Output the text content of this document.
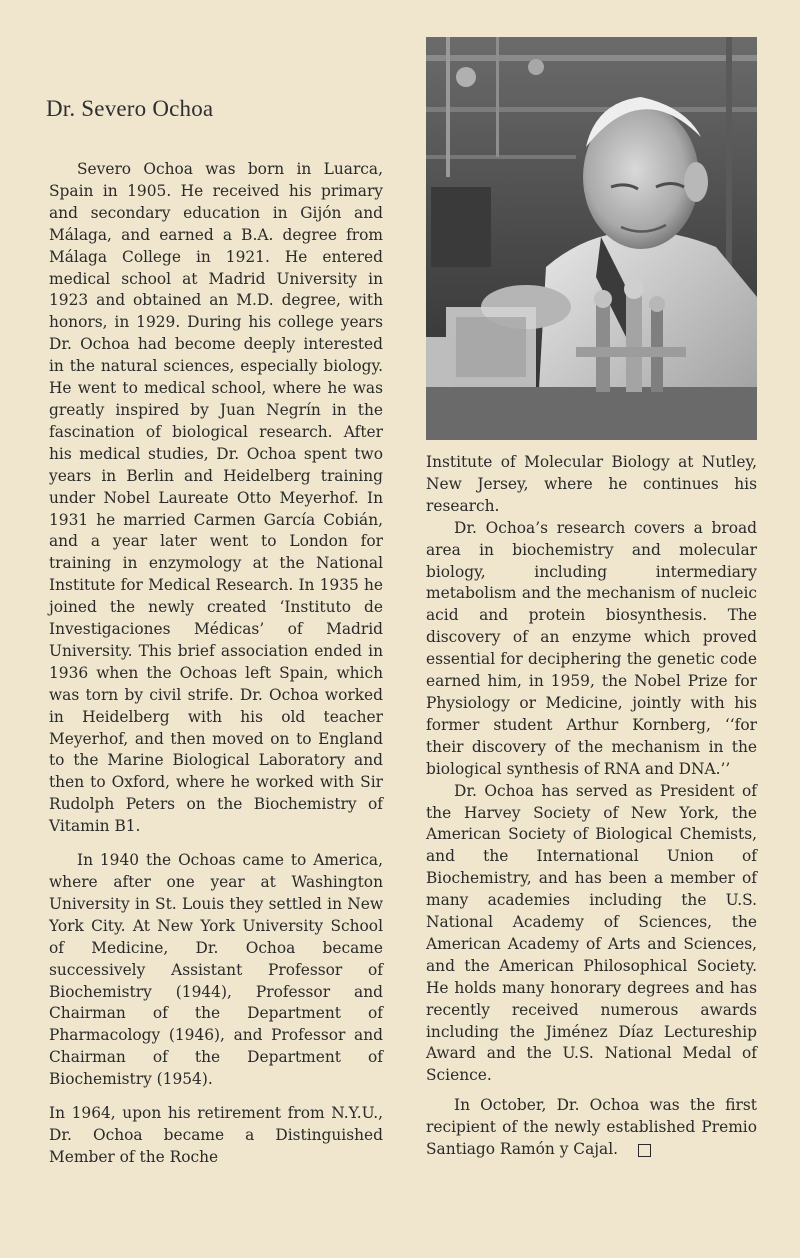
Dr. Severo Ochoa

Severo Ochoa was born in Luarca, Spain in 1905. He received his primary and secondary education in Gijón and Málaga, and earned a B.A. degree from Málaga College in 1921. He entered medical school at Madrid University in 1923 and obtained an M.D. degree, with honors, in 1929. During his college years Dr. Ochoa had become deeply interested in the natural sciences, especially biology. He went to medical school, where he was greatly inspired by Juan Negrín in the fascination of biological research. After his medical studies, Dr. Ochoa spent two years in Berlin and Heidelberg training under Nobel Laureate Otto Meyerhof. In 1931 he married Carmen García Cobián, and a year later went to London for training in enzymology at the National Institute for Medical Research. In 1935 he joined the newly created ‘Instituto de Investigaciones Médicas’ of Madrid University. This brief association ended in 1936 when the Ochoas left Spain, which was torn by civil strife. Dr. Ochoa worked in Heidelberg with his old teacher Meyerhof, and then moved on to England to the Marine Biological Laboratory and then to Oxford, where he worked with Sir Rudolph Peters on the Biochemistry of Vitamin B1.

In 1940 the Ochoas came to America, where after one year at Washington University in St. Louis they settled in New York City. At New York University School of Medicine, Dr. Ochoa became successively Assistant Professor of Biochemistry (1944), Professor and Chairman of the Department of Pharmacology (1946), and Professor and Chairman of the Department of Biochemistry (1954).

In 1964, upon his retirement from N.Y.U., Dr. Ochoa became a Distinguished Member of the Roche

Institute of Molecular Biology at Nutley, New Jersey, where he continues his research.

Dr. Ochoa’s research covers a broad area in biochemistry and molecular biology, including intermediary metabolism and the mechanism of nucleic acid and protein biosynthesis. The discovery of an enzyme which proved essential for deciphering the genetic code earned him, in 1959, the Nobel Prize for Physiology or Medicine, jointly with his former student Arthur Kornberg, ‘‘for their discovery of the mechanism in the biological synthesis of RNA and DNA.’’

Dr. Ochoa has served as President of the Harvey Society of New York, the American Society of Biological Chemists, and the International Union of Biochemistry, and has been a member of many academies including the U.S. National Academy of Sciences, the American Academy of Arts and Sciences, and the American Philosophical Society. He holds many honorary degrees and has recently received numerous awards including the Jiménez Díaz Lectureship Award and the U.S. National Medal of Science.

In October, Dr. Ochoa was the first recipient of the newly established Premio Santiago Ramón y Cajal.
